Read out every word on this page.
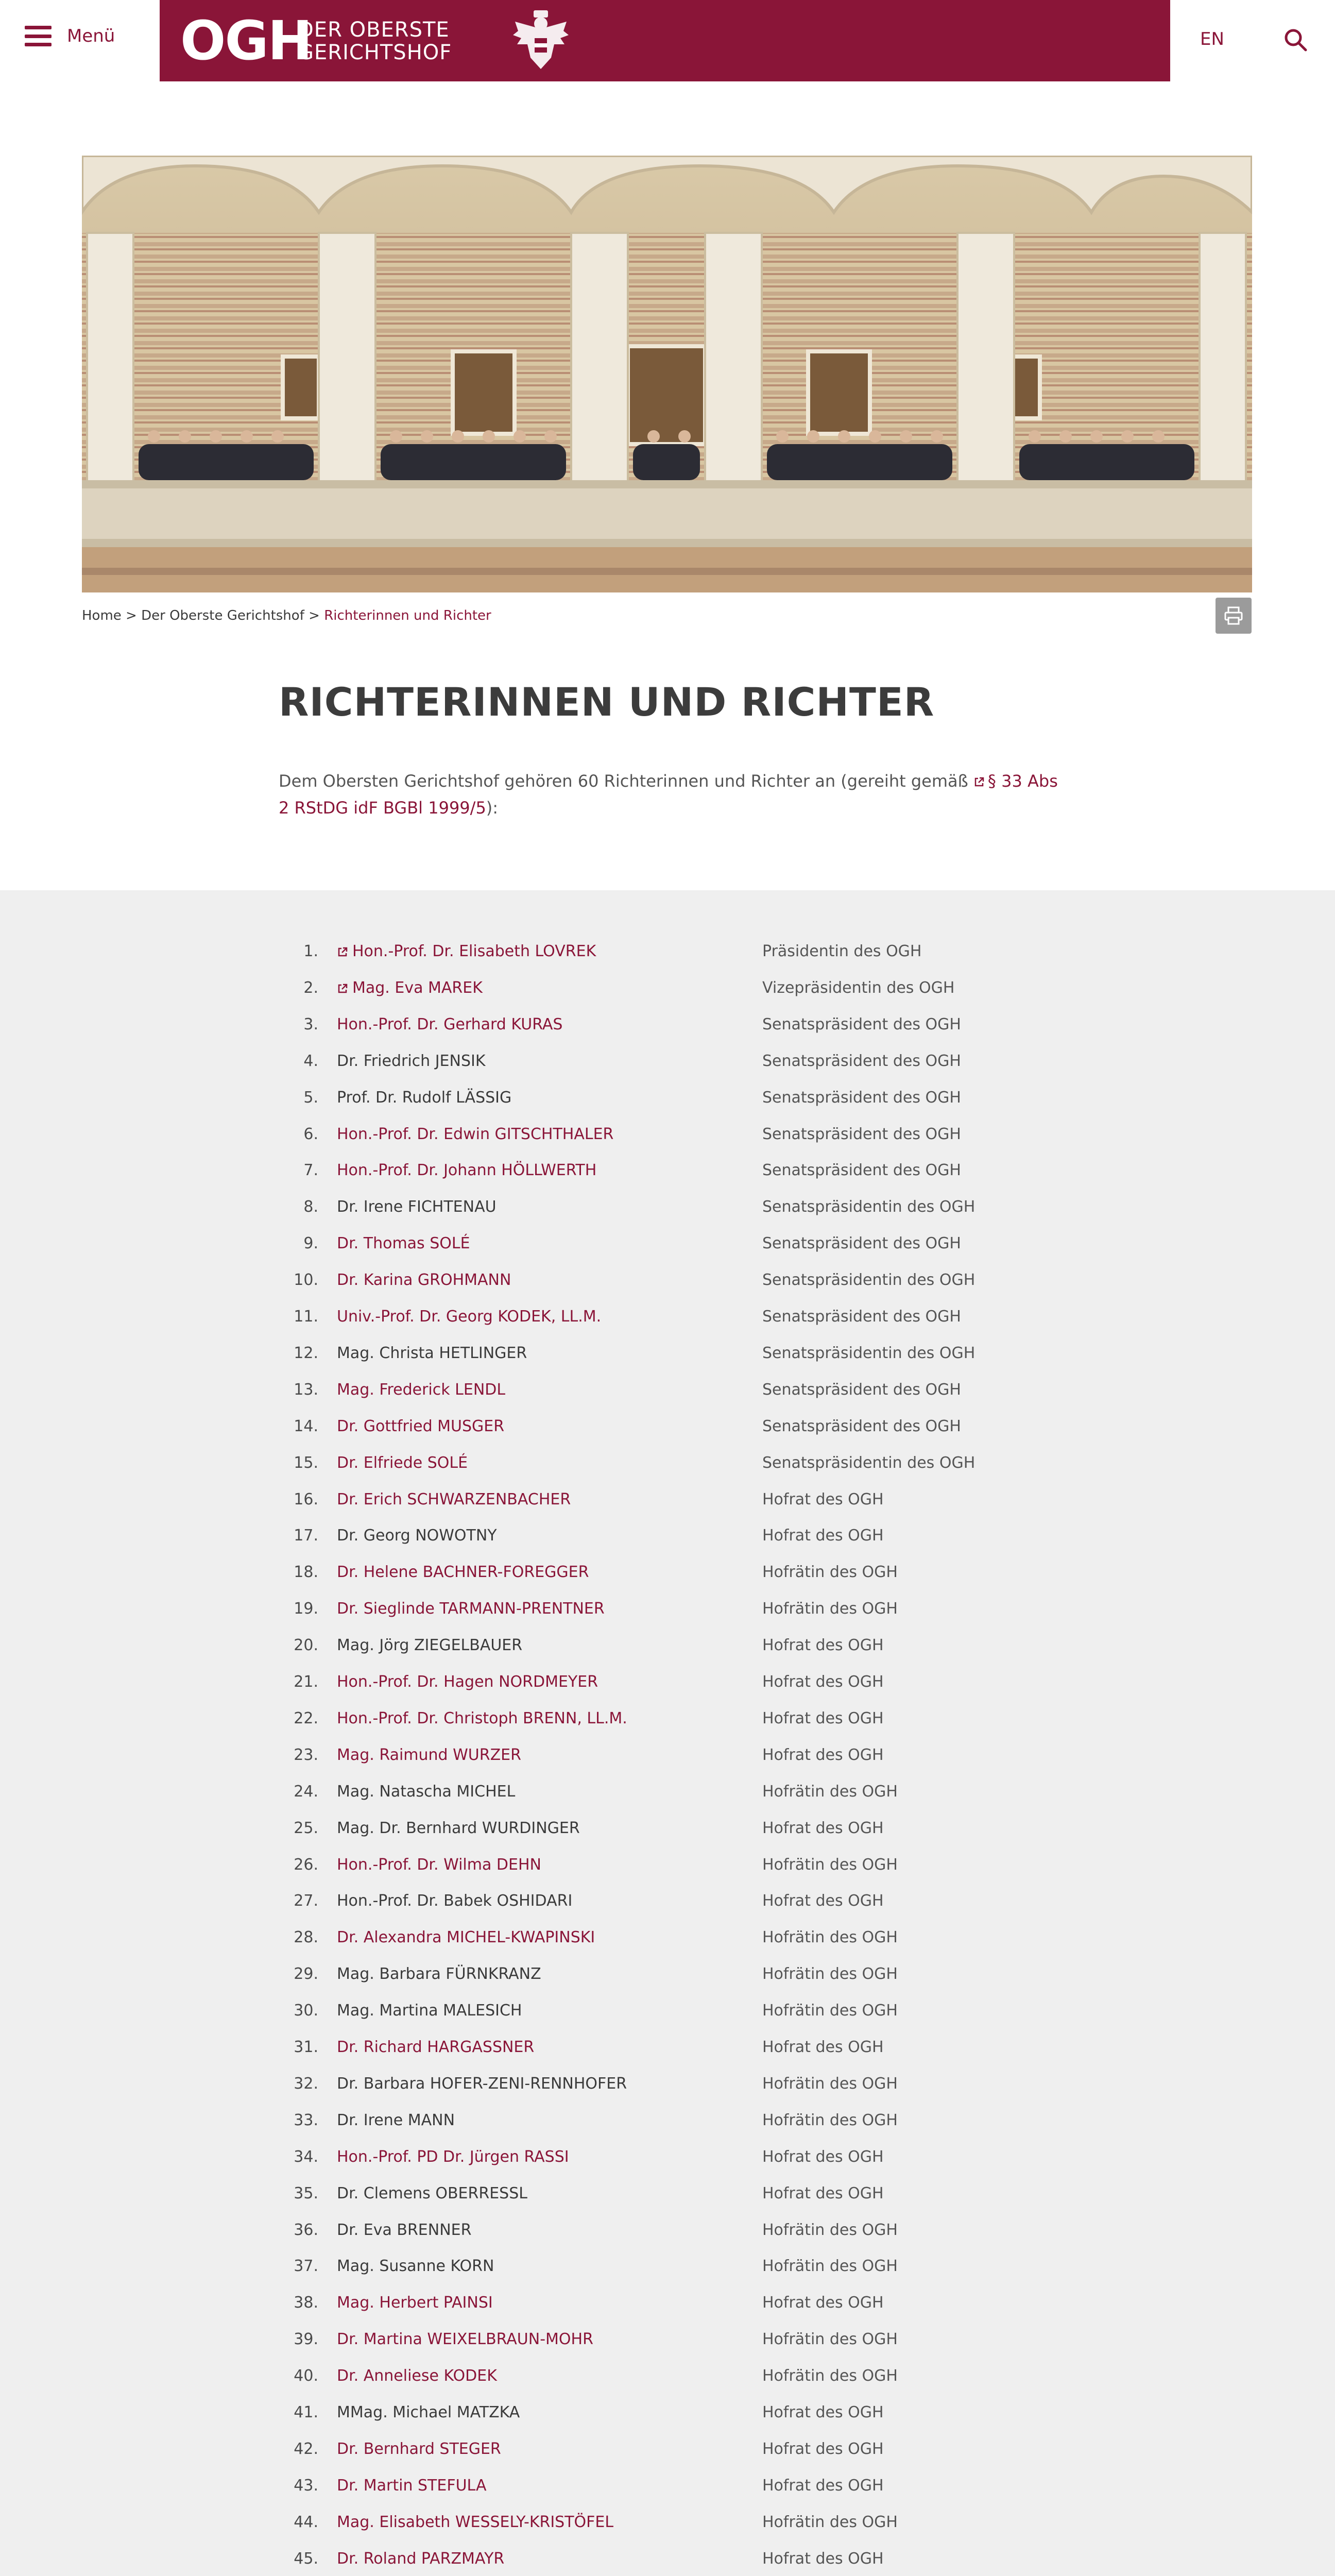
Menü OGH
DER OBERSTE
GERICHTSHOF
EN
Home > Der Oberste Gerichtshof > Richterinnen und Richter
RICHTERINNEN UND RICHTER
Dem Obersten Gerichtshof gehören 60 Richterinnen und Richter an (gereiht gemäß § 33 Abs 2 RStDG idF BGBl 1999/5):
1.	Hon.-Prof. Dr. Elisabeth LOVREK	Präsidentin des OGH
2.	Mag. Eva MAREK	Vizepräsidentin des OGH
3. Hon.-Prof. Dr. Gerhard KURAS	Senatspräsident des OGH
4. Dr. Friedrich JENSIK	Senatspräsident des OGH
5. Prof. Dr. Rudolf LÄSSIG	Senatspräsident des OGH
6. Hon.-Prof. Dr. Edwin GITSCHTHALER	Senatspräsident des OGH
7. Hon.-Prof. Dr. Johann HÖLLWERTH	Senatspräsident des OGH
8. Dr. Irene FICHTENAU	Senatspräsidentin des OGH
9. Dr. Thomas SOLÉ	Senatspräsident des OGH
10. Dr. Karina GROHMANN	Senatspräsidentin des OGH
11. Univ.-Prof. Dr. Georg KODEK, LL.M.	Senatspräsident des OGH
12. Mag. Christa HETLINGER	Senatspräsidentin des OGH
13. Mag. Frederick LENDL	Senatspräsident des OGH
14. Dr. Gottfried MUSGER	Senatspräsident des OGH
15. Dr. Elfriede SOLÉ	Senatspräsidentin des OGH
16. Dr. Erich SCHWARZENBACHER	Hofrat des OGH
17. Dr. Georg NOWOTNY	Hofrat des OGH
18. Dr. Helene BACHNER-FOREGGER	Hofrätin des OGH
19. Dr. Sieglinde TARMANN-PRENTNER	Hofrätin des OGH
20. Mag. Jörg ZIEGELBAUER	Hofrat des OGH
21. Hon.-Prof. Dr. Hagen NORDMEYER	Hofrat des OGH
22. Hon.-Prof. Dr. Christoph BRENN, LL.M.	Hofrat des OGH
23. Mag. Raimund WURZER	Hofrat des OGH
24. Mag. Natascha MICHEL	Hofrätin des OGH
25. Mag. Dr. Bernhard WURDINGER	Hofrat des OGH
26. Hon.-Prof. Dr. Wilma DEHN	Hofrätin des OGH
27. Hon.-Prof. Dr. Babek OSHIDARI	Hofrat des OGH
28. Dr. Alexandra MICHEL-KWAPINSKI	Hofrätin des OGH
29. Mag. Barbara FÜRNKRANZ	Hofrätin des OGH
30. Mag. Martina MALESICH	Hofrätin des OGH
31. Dr. Richard HARGASSNER	Hofrat des OGH
32. Dr. Barbara HOFER-ZENI-RENNHOFER	Hofrätin des OGH
33. Dr. Irene MANN	Hofrätin des OGH
34. Hon.-Prof. PD Dr. Jürgen RASSI	Hofrat des OGH
35. Dr. Clemens OBERRESSL	Hofrat des OGH
36. Dr. Eva BRENNER	Hofrätin des OGH
37. Mag. Susanne KORN	Hofrätin des OGH
38. Mag. Herbert PAINSI	Hofrat des OGH
39. Dr. Martina WEIXELBRAUN-MOHR	Hofrätin des OGH
40. Dr. Anneliese KODEK	Hofrätin des OGH
41. MMag. Michael MATZKA	Hofrat des OGH
42. Dr. Bernhard STEGER	Hofrat des OGH
43. Dr. Martin STEFULA	Hofrat des OGH
44. Mag. Elisabeth WESSELY-KRISTÖFEL	Hofrätin des OGH
45. Dr. Roland PARZMAYR	Hofrat des OGH
